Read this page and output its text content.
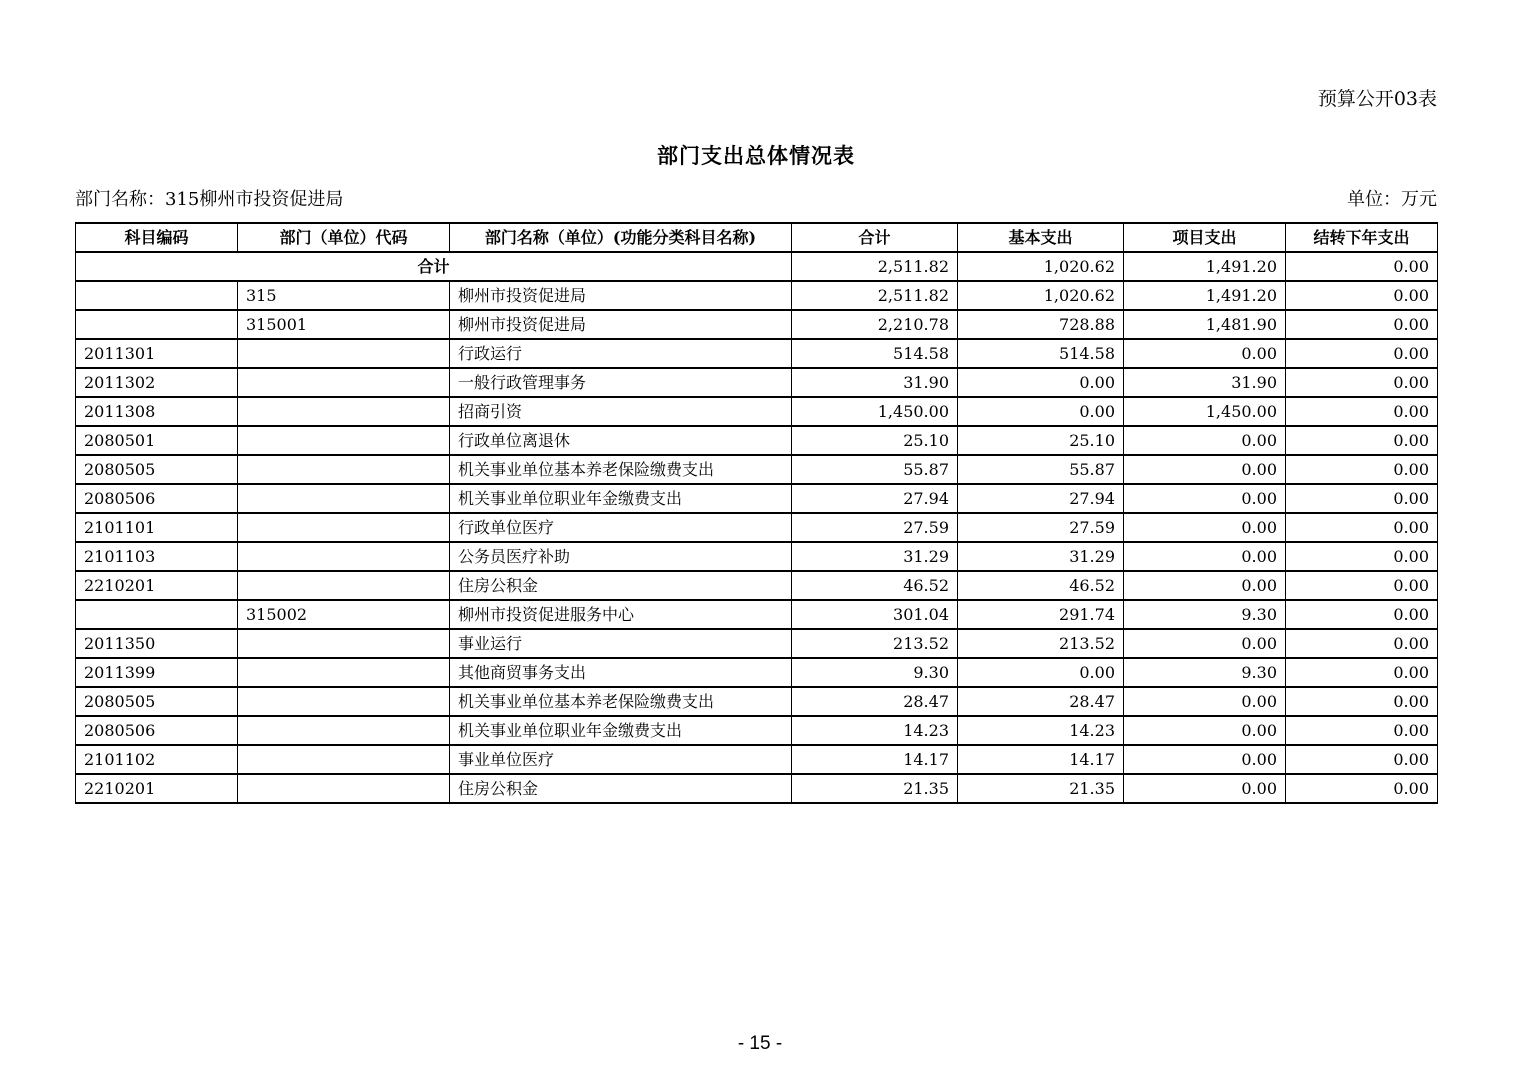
预算公开03表
部门支出总体情况表
部门名称：315柳州市投资促进局	单位：万元
科目编码	部门（单位）代码	部门名称（单位）(功能分类科目名称)	合计	基本支出	项目支出	结转下年支出
合计			2,511.82	1,020.62	1,491.20	0.00
	315	柳州市投资促进局	2,511.82	1,020.62	1,491.20	0.00
	315001	柳州市投资促进局	2,210.78	728.88	1,481.90	0.00
2011301		行政运行	514.58	514.58	0.00	0.00
2011302		一般行政管理事务	31.90	0.00	31.90	0.00
2011308		招商引资	1,450.00	0.00	1,450.00	0.00
2080501		行政单位离退休	25.10	25.10	0.00	0.00
2080505		机关事业单位基本养老保险缴费支出	55.87	55.87	0.00	0.00
2080506		机关事业单位职业年金缴费支出	27.94	27.94	0.00	0.00
2101101		行政单位医疗	27.59	27.59	0.00	0.00
2101103		公务员医疗补助	31.29	31.29	0.00	0.00
2210201		住房公积金	46.52	46.52	0.00	0.00
	315002	柳州市投资促进服务中心	301.04	291.74	9.30	0.00
2011350		事业运行	213.52	213.52	0.00	0.00
2011399		其他商贸事务支出	9.30	0.00	9.30	0.00
2080505		机关事业单位基本养老保险缴费支出	28.47	28.47	0.00	0.00
2080506		机关事业单位职业年金缴费支出	14.23	14.23	0.00	0.00
2101102		事业单位医疗	14.17	14.17	0.00	0.00
2210201		住房公积金	21.35	21.35	0.00	0.00
- 15 -
